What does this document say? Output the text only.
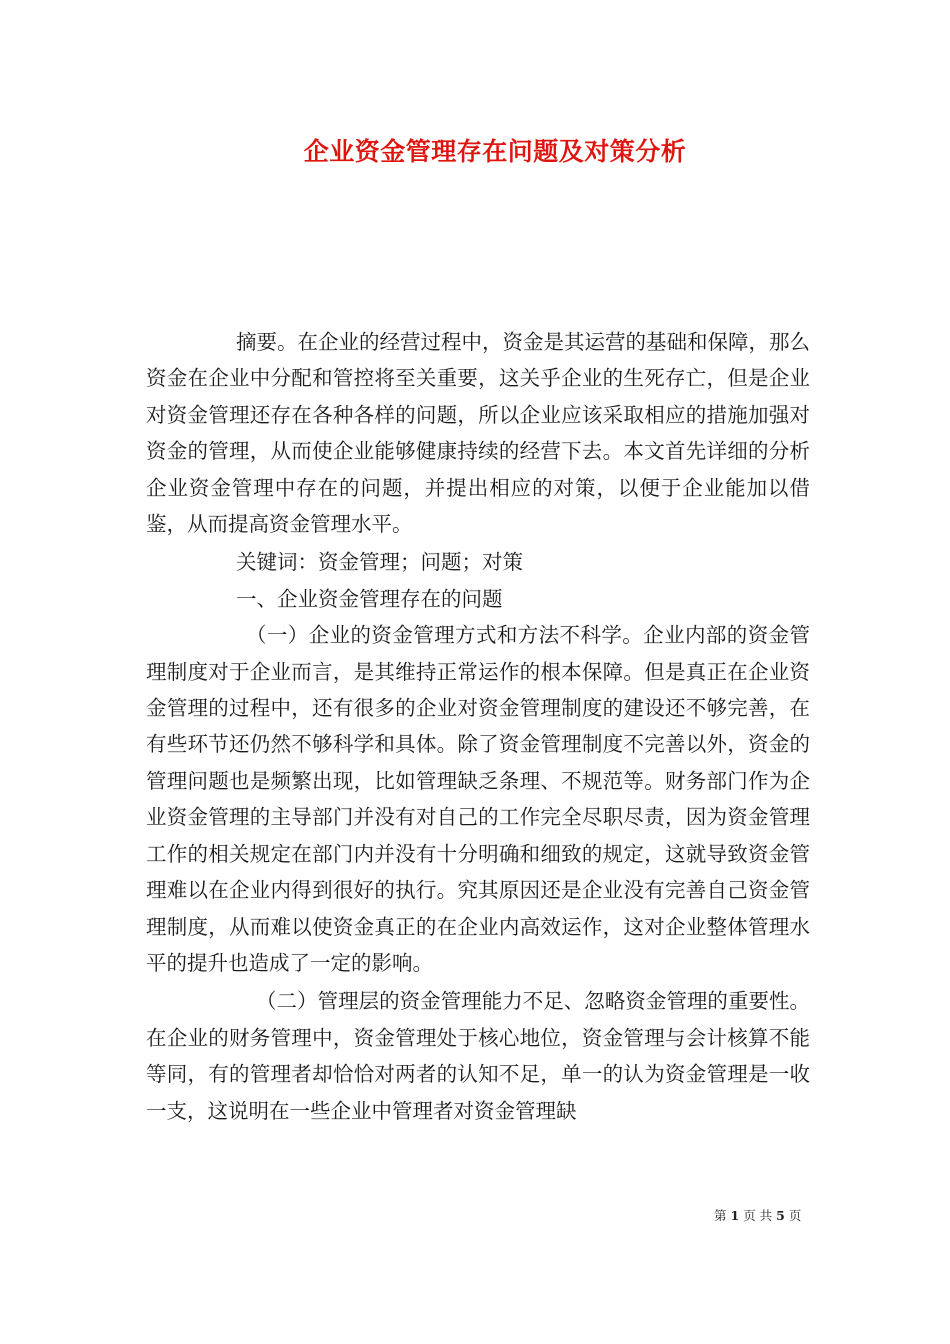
企业资金管理存在问题及对策分析

摘要。在企业的经营过程中，资金是其运营的基础和保障，那么资金在企业中分配和管控将至关重要，这关乎企业的生死存亡，但是企业对资金管理还存在各种各样的问题，所以企业应该采取相应的措施加强对资金的管理，从而使企业能够健康持续的经营下去。本文首先详细的分析企业资金管理中存在的问题，并提出相应的对策，以便于企业能加以借鉴，从而提高资金管理水平。

关键词：资金管理；问题；对策

一、企业资金管理存在的问题

（一）企业的资金管理方式和方法不科学。企业内部的资金管理制度对于企业而言，是其维持正常运作的根本保障。但是真正在企业资金管理的过程中，还有很多的企业对资金管理制度的建设还不够完善，在有些环节还仍然不够科学和具体。除了资金管理制度不完善以外，资金的管理问题也是频繁出现，比如管理缺乏条理、不规范等。财务部门作为企业资金管理的主导部门并没有对自己的工作完全尽职尽责，因为资金管理工作的相关规定在部门内并没有十分明确和细致的规定，这就导致资金管理难以在企业内得到很好的执行。究其原因还是企业没有完善自己资金管理制度，从而难以使资金真正的在企业内高效运作，这对企业整体管理水平的提升也造成了一定的影响。

（二）管理层的资金管理能力不足、忽略资金管理的重要性。在企业的财务管理中，资金管理处于核心地位，资金管理与会计核算不能等同，有的管理者却恰恰对两者的认知不足，单一的认为资金管理是一收一支，这说明在一些企业中管理者对资金管理缺

第 1 页 共 5 页
